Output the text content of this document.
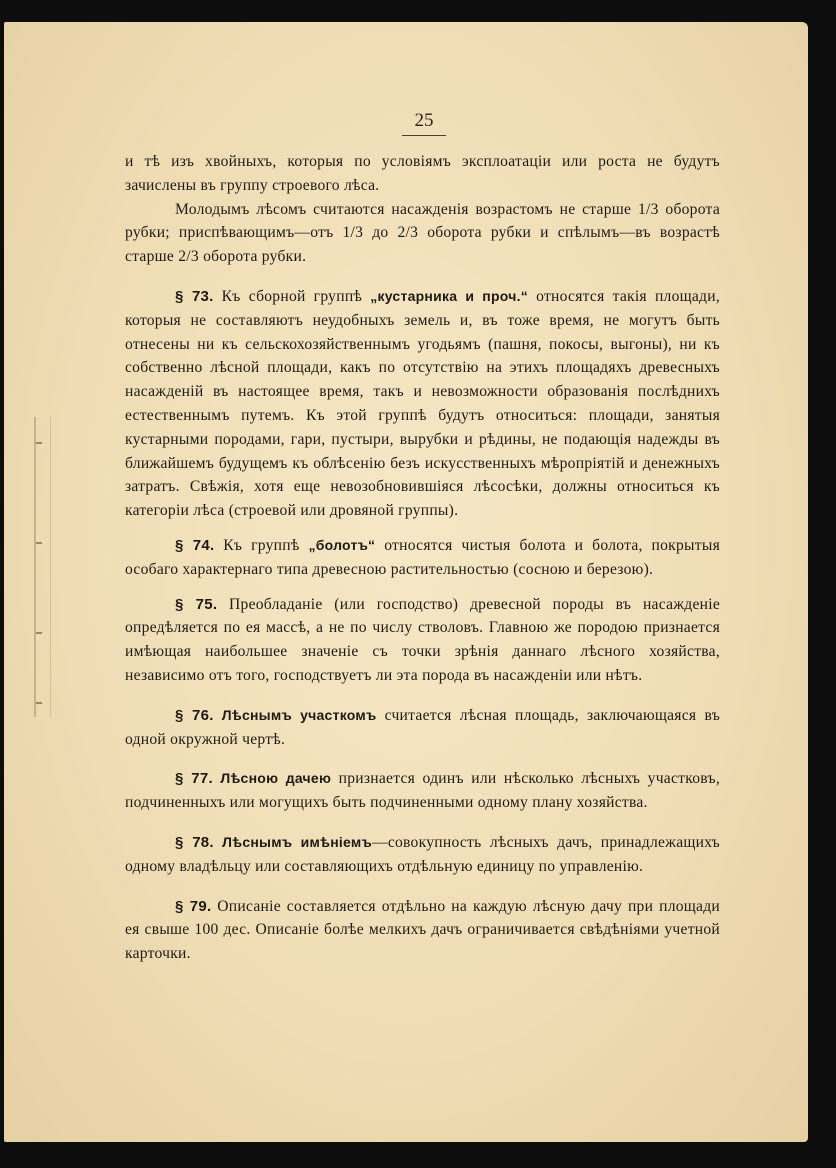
25

и тѣ изъ хвойныхъ, которыя по условіямъ эксплоатаціи или роста не будутъ зачислены въ группу строевого лѣса.

Молодымъ лѣсомъ считаются насажденія возрастомъ не старше 1/3 оборота рубки; приспѣвающимъ—отъ 1/3 до 2/3 оборота рубки и спѣлымъ—въ возрастѣ старше 2/3 оборота рубки.

§ 73. Къ сборной группѣ „кустарника и проч.“ относятся такія площади, которыя не составляютъ неудобныхъ земель и, въ тоже время, не могутъ быть отнесены ни къ сельскохозяйственнымъ угодьямъ (пашня, покосы, выгоны), ни къ собственно лѣсной площади, какъ по отсутствію на этихъ площадяхъ древесныхъ насажденій въ настоящее время, такъ и невозможности образованія послѣднихъ естественнымъ путемъ. Къ этой группѣ будутъ относиться: площади, занятыя кустарными породами, гари, пустыри, вырубки и рѣдины, не подающія надежды въ ближайшемъ будущемъ къ облѣсенію безъ искусственныхъ мѣропріятій и денежныхъ затратъ. Свѣжія, хотя еще невозобновившіяся лѣсосѣки, должны относиться къ категоріи лѣса (строевой или дровяной группы).

§ 74. Къ группѣ „болотъ“ относятся чистыя болота и болота, покрытыя особаго характернаго типа древесною растительностью (сосною и березою).

§ 75. Преобладаніе (или господство) древесной породы въ насажденіе опредѣляется по ея массѣ, а не по числу стволовъ. Главною же породою признается имѣющая наибольшее значеніе съ точки зрѣнія даннаго лѣсного хозяйства, независимо отъ того, господствуетъ ли эта порода въ насажденіи или нѣтъ.

§ 76. Лѣснымъ участкомъ считается лѣсная площадь, заключающаяся въ одной окружной чертѣ.

§ 77. Лѣсною дачею признается одинъ или нѣсколько лѣсныхъ участковъ, подчиненныхъ или могущихъ быть подчиненными одному плану хозяйства.

§ 78. Лѣснымъ имѣніемъ—совокупность лѣсныхъ дачъ, принадлежащихъ одному владѣльцу или составляющихъ отдѣльную единицу по управленію.

§ 79. Описаніе составляется отдѣльно на каждую лѣсную дачу при площади ея свыше 100 дес. Описаніе болѣе мелкихъ дачъ ограничивается свѣдѣніями учетной карточки.
